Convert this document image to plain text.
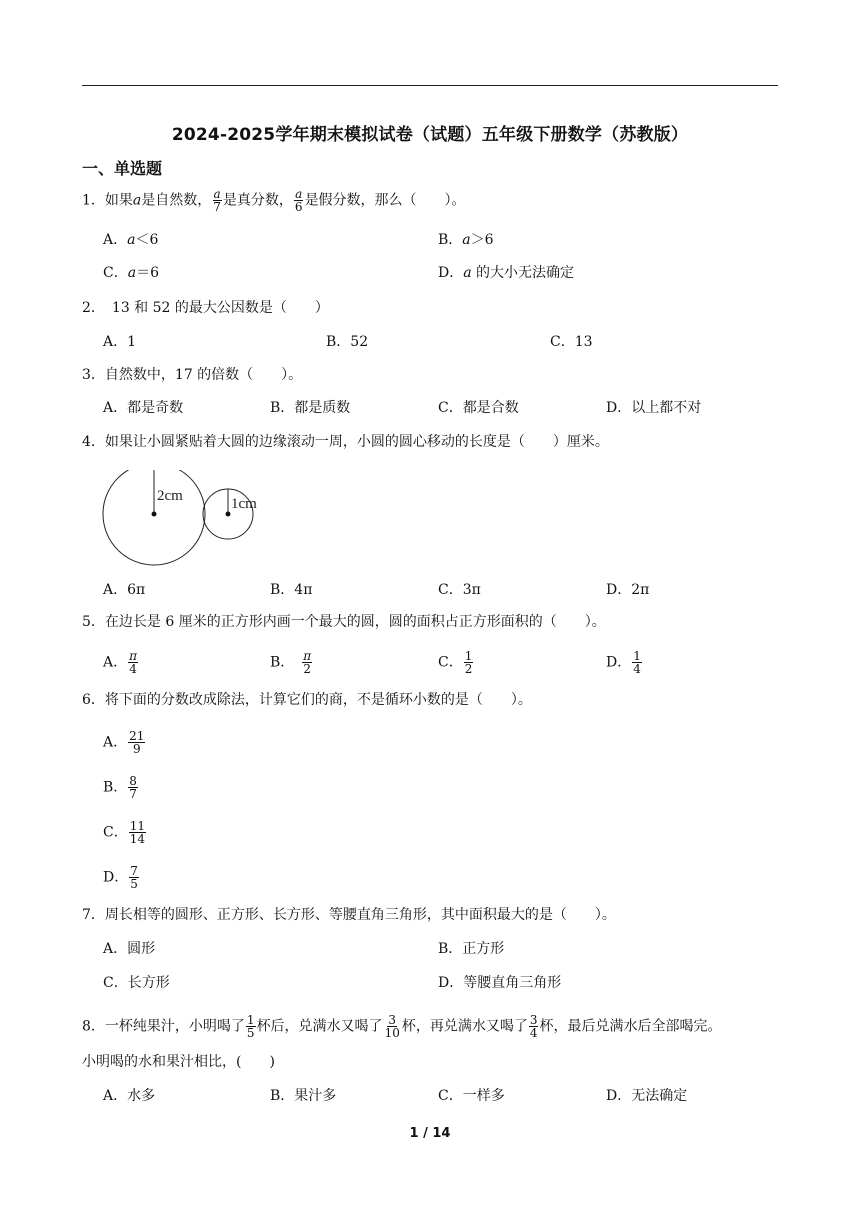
2024-2025学年期末模拟试卷（试题）五年级下册数学（苏教版）
一、单选题
1．如果a是自然数， $\frac{a}{7}$ 是真分数， $\frac{a}{6}$ 是假分数，那么（　　）。
A．a＜6	B．a＞6
C．a＝6	D．a 的大小无法确定
2．　13 和 52 的最大公因数是（　　）
A．1	B．52	C．13
3．自然数中，17 的倍数（　　）。
A．都是奇数	B．都是质数	C．都是合数	D．以上都不对
4．如果让小圆紧贴着大圆的边缘滚动一周，小圆的圆心移动的长度是（　　）厘米。
2cm	1cm
A．6π	B．4π	C．3π	D．2π
5．在边长是 6 厘米的正方形内画一个最大的圆，圆的面积占正方形面积的（　　）。
A． $\frac{\pi}{4}$	B．　 $\frac{\pi}{2}$	C． $\frac{1}{2}$	D． $\frac{1}{4}$
6．将下面的分数改成除法，计算它们的商，不是循环小数的是（　　）。
A． $\frac{21}{9}$
B． $\frac{8}{7}$
C． $\frac{11}{14}$
D． $\frac{7}{5}$
7．周长相等的圆形、正方形、长方形、等腰直角三角形，其中面积最大的是（　　）。
A．圆形	B．正方形
C．长方形	D．等腰直角三角形
8．一杯纯果汁，小明喝了 $\frac{1}{5}$ 杯后，兑满水又喝了 $\frac{3}{10}$ 杯，再兑满水又喝了 $\frac{3}{4}$ 杯，最后兑满水后全部喝完。
小明喝的水和果汁相比，(　　)
A．水多	B．果汁多	C．一样多	D．无法确定
1 / 14
